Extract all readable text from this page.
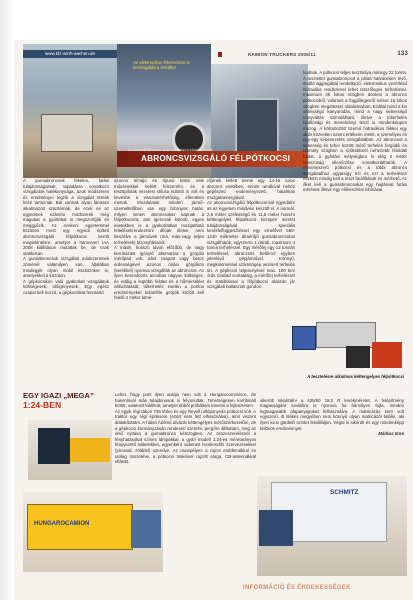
KAMION TRUCKERS 2006/11	133
www.kfz-wirth-aachen.de
Az elektronikus fékrendszer is bevizsgálásra kerülhet
ABRONCSVIZSGÁLÓ FÉLPÓTKOCSI
A gumiabroncsok fékeles, futási tulajdonságainak, tapadásra vonatkozó vizsgálatok hatékonysága, azok módszeres és eredményei tegzik a vizsgálat témák közé tartoznak. Bár vannak olyan lánosan alkalmazott szisztémák, de ezek és az egyedinek számító módszerek még magukat a gyártókat is megszorítják és meggyőzik. Az ezekeni egyetemmel közösen most egy egyedi épített abroncsvizsgáló félpótkocsi került megtekintésre, amelyet a hannoveri IAA 2008 kiállításon mutattak be, de csak statikusan.
A gumiabroncsok vizsgálati módszereinek zöménél valamilyen van, általában mindegyik olyan mobil eszközökre is, amelyekkel a közúton.
A gépkocsikon való gyakorlati vizsgálatok költségesek, időigényesek. Egy egész csapat kell hozzá, a gépkocsikat fenntartó
azonos témájú és típusú külön vele műszerekkel kellett felszerelni, és a teszttpiloták vezetési stílusa különb is volt és kevésbé a visszamérhetőség, ellentétes menük. Mozdulatok minden jármű-üzemeltetőben van egy bizonyos hatás, milyen ismert abroncsokat kapnak a félpótkocsira, ami igencsak különb, egyes esetekben is a gyakorlatban mozgatható feltelésekrendezésre állóak illetve, nem beszélve a járművek (ma, más-vagy teljes terhelések) bizonyításairól.
A másik, hosszú távon előzőbb, de nagy beruházást igénylő alternatíva a górgőis mérőpad volt, ahol csapott vagy beton érdességével azonos óriási görgőkön (kerékkel) nyomva vizsgálták az abroncsot. Az ilyen berendezés azonban nagyon költséges, és eddig a legtöbb felület és a hőmérséklet változtatását; túlterhelés esetén a pontos eredményeket különféle görgők között kell felelő 4 méter átmé-
rőjének kellett lennie egy 14-15 colos abroncs esetében, ennek rendkívül nehéz gépészeti endeményezett, hatalmas mozgatóenergiával.
Az abroncsvizsgáló félpótkocsi-bol egyedülre az az egyetem mindvévi készült el. A normál, 2,5 méter szélességű és 11,5 méter hosszú kéttengelyes félpótkocsi közepén mérést tulajdonságával speciális kerékfelfüggesztéssel egy emelővel 560-1240 milliméter átmérőjű gumiabroncsokat vizsgálhatók, egyszerre 1 darab, maximum 4 tonna terheléssel. Egy mérőfej egy 12 tonnás terheléssel, abroncsos beltérrel egyben jelenlévő gépjárművel. Könnyű, megkoloméssel számítógép vezérelt terhelés ön. A gépkocsi teljesenyével max. 100 km/órás szabad vontatásig, a mérőfej terheléssel és stabilitással a félpótkocsi alvázán jár vizsgálati ballasztok gondos-
kodnak. A pótkocsi teljes tesztsúlya mintegy 22 tonna. A teszteltet gumiabroncsot a pilóta hatvánesen lévő, önálló aggregáttal rendelkező, elektronikus vezérlésű hidraulika rendszerrel lehet tetszőleges terheléssel, maximum 45 fokos szögben dönteni a abroncs pótkocsiből, valamint a függőlegesről mérve 15 fokos szögben megdönteni oldalirányban. Ezáltal mind a kis sebességű kanyarodás, mind a nagy sebességű irányváltás szimulálható, illetve a túlterhelés hőállósági és menetirányi teszt is mindenképpen mozog. A kölcsönzött üzemű hidraulikus fékkel egy aktív közvetlen üzemi értékeire mérik, a személyes és egy-egy ki-bevezetés vizsgálatában. Az abroncsot a sebesség és teher között mérő terhelés forgódik és bármely szögben a szűkebbnél nehezebb féloldali futást, a gyártási mélységben is elég 2 méter hosszúság ellenőrzése vonatkoztathatók. A versenyszerű pótkocsi és a többi abroncs vizsgálatához ugyanúgy ezt és ezt a terheléses eszközt mindig kell a teszt beállítások és mérhető. Az őket kell a gumiabroncsokat egy hajtással futási mérések illetve egy előkészítési kihívásai.
A tesztelésre alkalmas kéttengelyes félpótkocsi
EGY IGAZI „MEGA”
1:24-BEN
Lehet, hogy pont ilyen autója nem volt a Hungarocommerce, de hasonlóval más tulajdonosok is felvonultak. Tehetségesen kombinált kötött, valamint kiállított, amelyet ebből próbáltam követni a fejlesztésen.
Az egyik régi tábori 735 Volvo és egy Revell rollóponyvás pótkocsi volt. A traktor egy régi építésem (ezért nem lett elhasználva), amit viszont átalakítottam. A hátsó futómű alvázát kéttengelyes mérőszerkezetűre, de a gépkocsi kormányzásán rendesen szerelni, pergőre állítottam, meg az első nyitása a gumiabroncs kétszögben. Az összeszerelésnél a fényhatásokat színes lámpákkal, a gyári modell 1:24-es méretarányos fényvezető kábelekkel, egyenként valamint fecskendős szervezésekkel (pirossal, zölddel) szerelve. Az ünnepélyes a rajzot emblémákkal és utólag összetéve, a pótkocsi tüskéivel rajzolt sárga, CB-antennákkal ellátott.

sikerült lokalizálni a 435/60 19,5 R kerékméretet. A felépítmény magasságára továbbra is nyomva ha bármilyen fajta, minden legmagasabb alapanyagokat felhasználva. A matricázás sem volt egyszerű, itt Békés megyében nem könnyű olyan matricázót találni, aki ilyen kicsi gördülő szintet felvállaljon. Végül is sikerült és egy mindenképp különös eredménnyel.

Márkus Imre

HUNGAROCAMION
SCHMITZ
INFORMÁCIÓ ÉS ÉRDEKESSÉGEK
